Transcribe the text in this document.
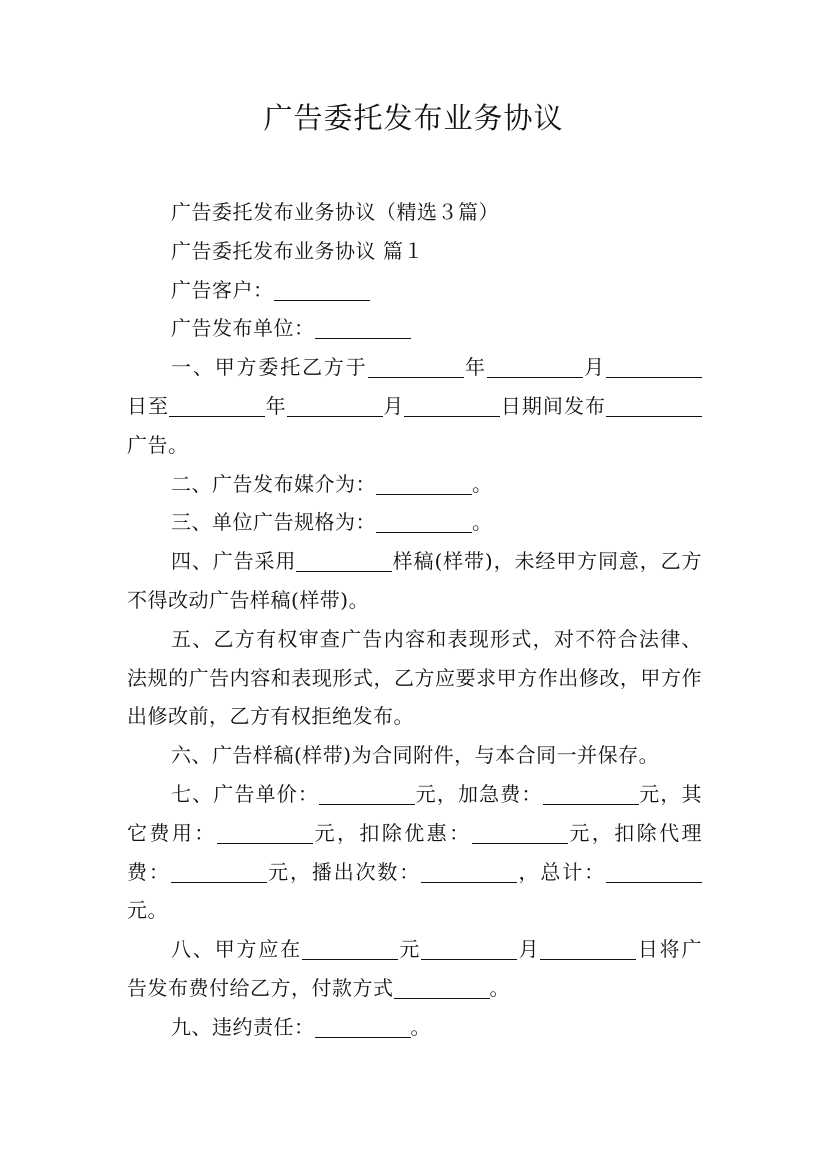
广告委托发布业务协议

广告委托发布业务协议（精选３篇）

广告委托发布业务协议 篇１

广告客户：

广告发布单位：

一、甲方委托乙方于	年	月日至	年	月	日期间发布广告。

二、广告发布媒介为：	。

三、单位广告规格为：	。

四、广告采用	样稿(样带)，未经甲方同意，乙方不得改动广告样稿(样带)。

五、乙方有权审查广告内容和表现形式，对不符合法律、法规的广告内容和表现形式，乙方应要求甲方作出修改，甲方作出修改前，乙方有权拒绝发布。

六、广告样稿(样带)为合同附件，与本合同一并保存。

七、广告单价：	元，加急费：	元，其它费用：	元，扣除优惠：	元，扣除代理费：	元，播出次数：	，总计：元。

八、甲方应在	元	月	日将广告发布费付给乙方，付款方式	。

九、违约责任：	。
